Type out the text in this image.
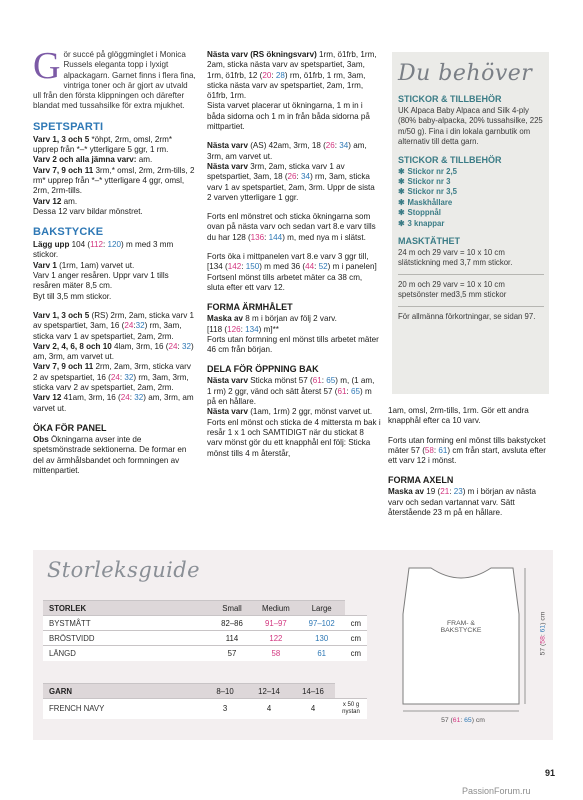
Gör succé på glöggminglet i Monica Russels eleganta topp i lyxigt alpackagarn. Garnet finns i flera fina, vintriga toner och är gjort av utvald ull från den första klippningen och därefter blandat med tussahsilke för extra mjukhet.

SPETSPARTI

Varv 1, 3 och 5 *öhpt, 2rm, omsl, 2rm* upprep från *–* ytterligare 5 ggr, 1 rm.

Varv 2 och alla jämna varv: am.

Varv 7, 9 och 11 3rm,* omsl, 2rm, 2rm-tills, 2 rm* upprep från *–* ytterligare 4 ggr, omsl, 2rm, 2rm-tills.

Varv 12 am.

Dessa 12 varv bildar mönstret.

BAKSTYCKE

Lägg upp 104 (112: 120) m med 3 mm stickor.

Varv 1 (1rm, 1am) varvet ut.

Varv 1 anger resåren. Uppr varv 1 tills resåren mäter 8,5 cm.

Byt till 3,5 mm stickor.

Varv 1, 3 och 5 (RS) 2rm, 2am, sticka varv 1 av spetspartiet, 3am, 16 (24:32) rm, 3am, sticka varv 1 av spetspartiet, 2am, 2rm.

Varv 2, 4, 6, 8 och 10 4lam, 3rm, 16 (24: 32) am, 3rm, am varvet ut.

Varv 7, 9 och 11 2rm, 2am, 3rm, sticka varv 2 av spetspartiet, 16 (24: 32) rm, 3am, 3rm, sticka varv 2 av spetspartiet, 2am, 2rm.

Varv 12 41am, 3rm, 16 (24: 32) am, 3rm, am varvet ut.

ÖKA FÖR PANEL

Obs Ökningarna avser inte de spetsmönstrade sektionerna. De formar en del av ärmhålsbandet och formningen av mittenpartiet.

Nästa varv (RS ökningsvarv) 1rm, ö1frb, 1rm, 2am, sticka nästa varv av spetspartiet, 3am, 1rm, ö1frb, 12 (20: 28) rm, ö1frb, 1 rm, 3am, sticka nästa varv av spetspartiet, 2am, 1rm, ö1frb, 1rm.

Sista varvet placerar ut ökningarna, 1 m in i båda sidorna och 1 m in från båda sidorna på mittpartiet.

Nästa varv (AS) 42am, 3rm, 18 (26: 34) am, 3rm, am varvet ut.

Nästa varv 3rm, 2am, sticka varv 1 av spetspartiet, 3am, 18 (26: 34) rm, 3am, sticka varv 1 av spetspartiet, 2am, 3rm. Uppr de sista 2 varven ytterligare 1 ggr.

Forts enl mönstret och sticka ökningarna som ovan på nästa varv och sedan vart 8.e varv tills du har 128 (136: 144) m, med nya m i slätst.

Forts öka i mittpanelen vart 8.e varv 3 ggr till, [134 (142: 150) m med 36 (44: 52) m i panelen]

Fortsenl mönst tills arbetet mäter ca 38 cm, sluta efter ett varv 12.

FORMA ÄRMHÅLET

Maska av 8 m i början av följ 2 varv.

[118 (126: 134) m]**

Forts utan formning enl mönst tills arbetet mäter 46 cm från början.

DELA FÖR ÖPPNING BAK

Nästa varv Sticka mönst 57 (61: 65) m, (1 am, 1 rm) 2 ggr, vänd och sätt återst 57 (61: 65) m på en hållare.

Nästa varv (1am, 1rm) 2 ggr, mönst varvet ut.

Forts enl mönst och sticka de 4 mittersta m bak i resår 1 x 1 och SAMTIDIGT när du stickat 8 varv mönst gör du ett knapphål enl följ: Sticka mönst tills 4 m återstår,

Du behöver
STICKOR & TILLBEHÖR

UK Alpaca Baby Alpaca and Silk 4-ply (80% baby-alpacka, 20% tussahsilke, 225 m/50 g). Fina i din lokala garnbutik om alternativ till detta garn.

STICKOR & TILLBEHÖR
✱ Stickor nr 2,5
✱ Stickor nr 3
✱ Stickor nr 3,5
✱ Maskhållare
✱ Stoppnål
✱ 3 knappar
MASKTÄTHET

24 m och 29 varv = 10 x 10 cm slätstickning med 3,7 mm stickor.

20 m och 29 varv = 10 x 10 cm spetsönster med3,5 mm stickor

För allmänna förkortningar, se sidan 97.

1am, omsl, 2rm-tills, 1rm. Gör ett andra knapphål efter ca 10 varv.

Forts utan forming enl mönst tills bakstycket mäter 57 (58: 61) cm från start, avsluta efter ett varv 12 i mönst.

FORMA AXELN

Maska av 19 (21: 23) m i början av nästa varv och sedan vartannat varv. Sätt återstående 23 m på en hållare.

Storleksguide
STORLEK	Small	Medium	Large	
BYSTMÅTT	82–86	91–97	97–102	cm
BRÖSTVIDD	114	122	130	cm
LÄNGD	57	58	61	cm
GARN	8–10	12–14	14–16	
FRENCH NAVY	3	4	4	x 50 g
nystan
FRAM- &
BAKSTYCKE
57 (61: 65) cm
57 (58: 61) cm
91
PassionForum.ru
